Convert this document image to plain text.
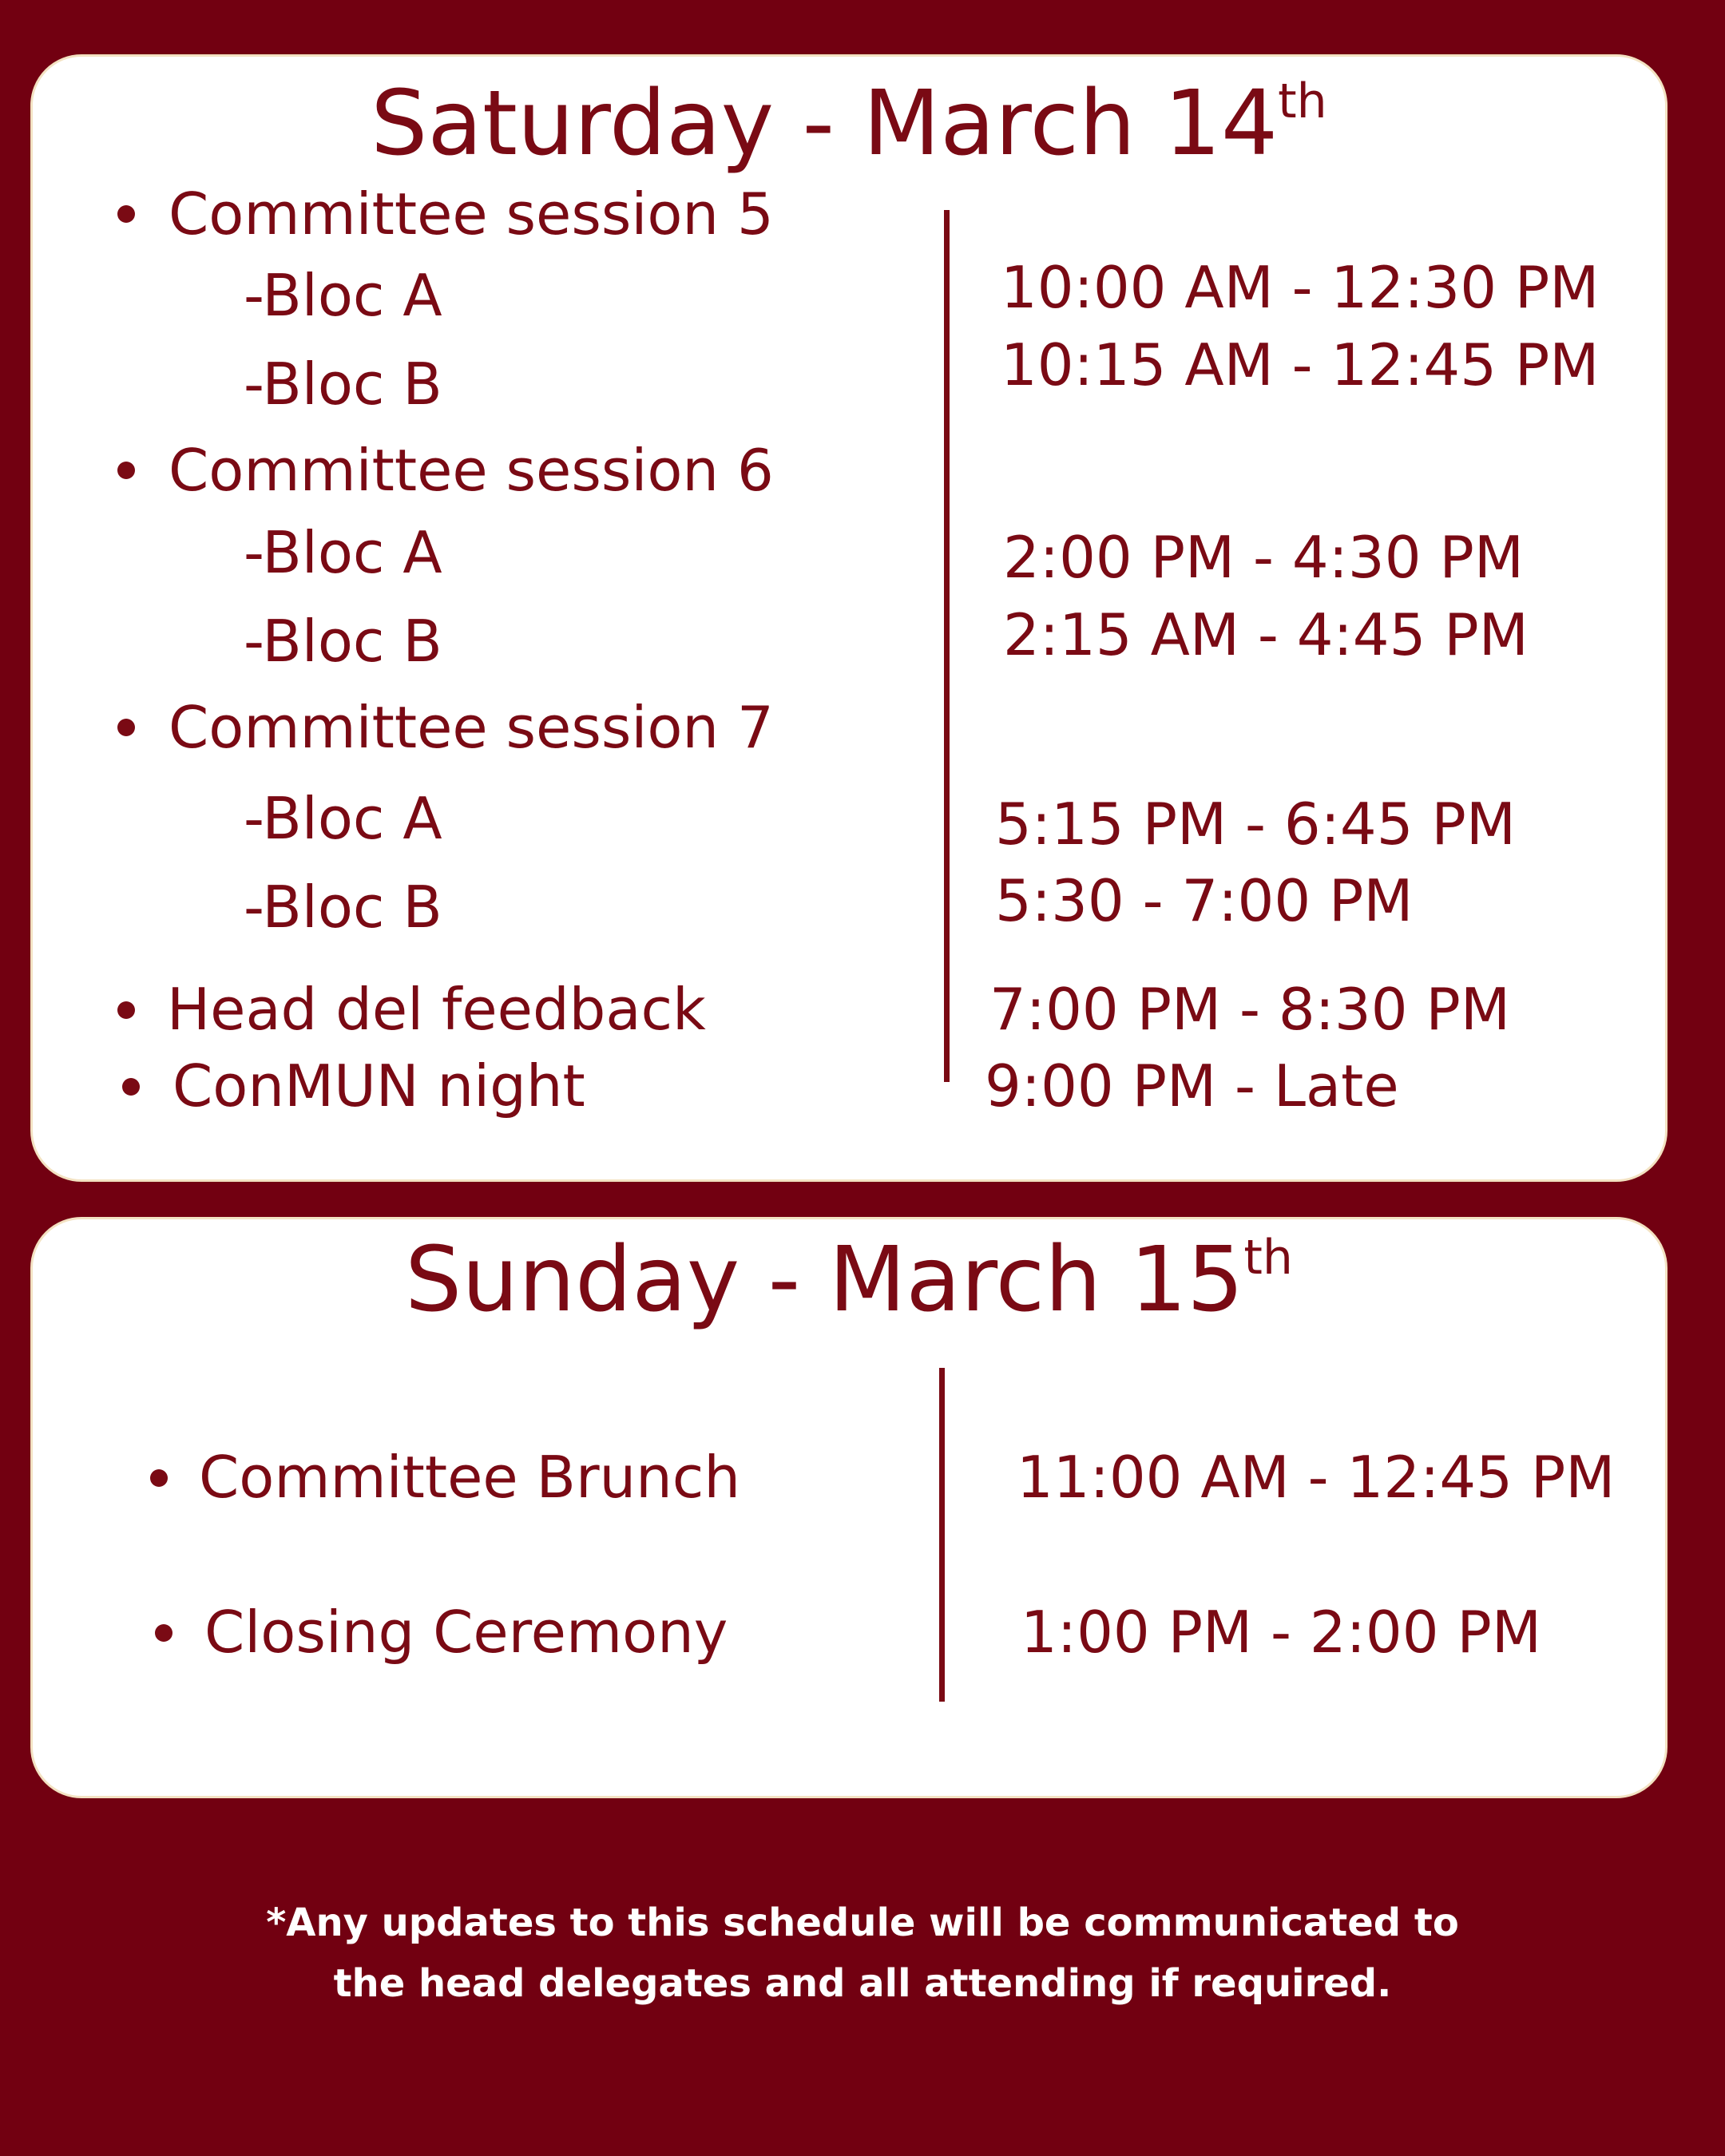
Saturday - March 14th
Committee session 5
-Bloc A	10:00 AM - 12:30 PM
-Bloc B	10:15 AM - 12:45 PM
Committee session 6
-Bloc A	2:00 PM - 4:30 PM
-Bloc B	2:15 AM - 4:45 PM
Committee session 7
-Bloc A	5:15 PM - 6:45 PM
-Bloc B	5:30 - 7:00 PM
Head del feedback	7:00 PM - 8:30 PM
ConMUN night	9:00 PM - Late
Sunday - March 15th
Committee Brunch	11:00 AM - 12:45 PM
Closing Ceremony	1:00 PM - 2:00 PM
*Any updates to this schedule will be communicated to
the head delegates and all attending if required.
